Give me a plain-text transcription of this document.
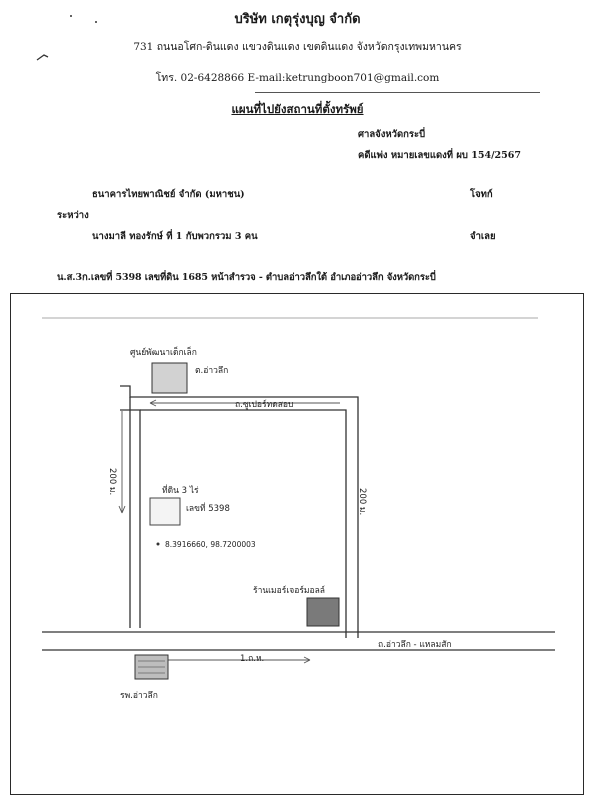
บริษัท เกตุรุ่งบุญ จำกัด
731 ถนนอโศก-ดินแดง แขวงดินแดง เขตดินแดง จังหวัดกรุงเทพมหานคร
โทร. 02-6428866 E-mail:ketrungboon701@gmail.com
แผนที่ไปยังสถานที่ตั้งทรัพย์
ศาลจังหวัดกระบี่
คดีแพ่ง หมายเลขแดงที่ ผบ 154/2567
ธนาคารไทยพาณิชย์ จำกัด (มหาชน)	โจทก์
ระหว่าง
นางมาลี ทองรักษ์ ที่ 1 กับพวกรวม 3 คน	จำเลย
น.ส.3ก.เลขที่ 5398 เลขที่ดิน 1685 หน้าสำรวจ - ตำบลอ่าวลึกใต้ อำเภออ่าวลึก จังหวัดกระบี่
ศูนย์พัฒนาเด็กเล็ก
ต.อ่าวลึก
ถ.ซูเปอร์ทดสอบ
200 ม.
200 ม.
ที่ดิน 3 ไร่
เลขที่ 5398
8.3916660, 98.7200003
ร้านเมอร์เจอร์มอลล์
1.ถ.ห.
ถ.อ่าวลึก - แหลมสัก
รพ.อ่าวลึก
